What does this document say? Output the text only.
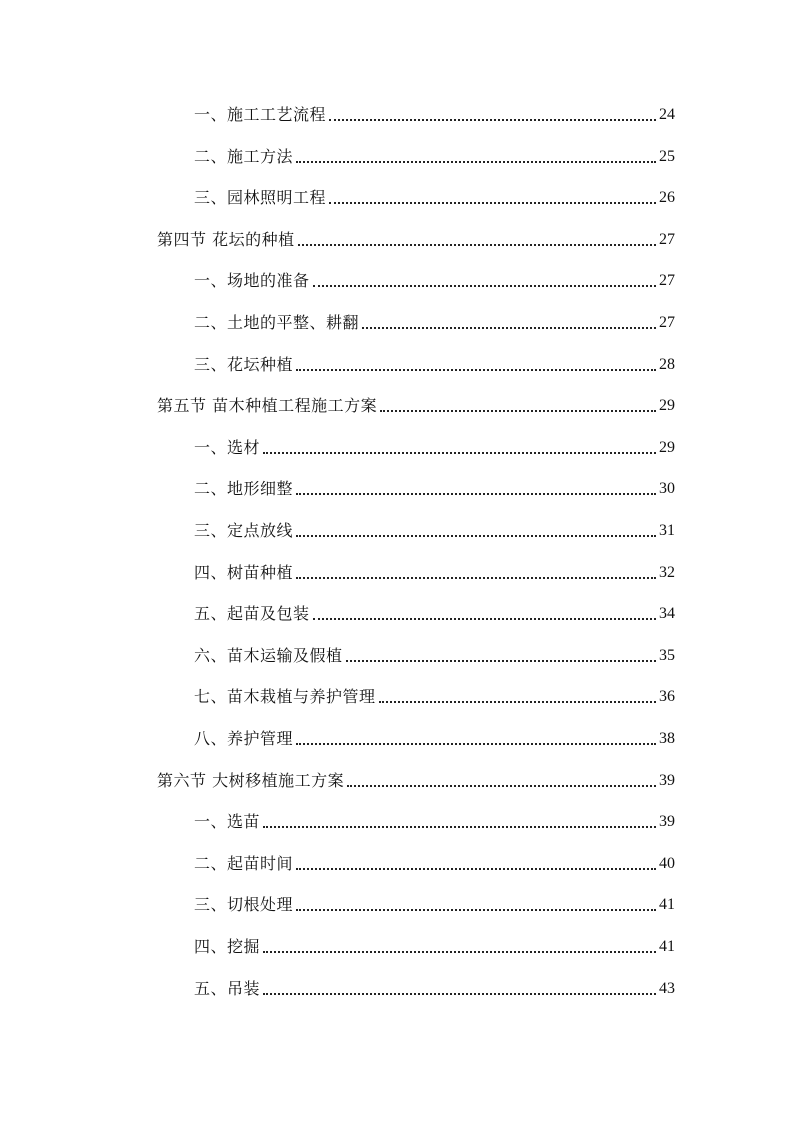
一、施工工艺流程	24
二、施工方法	25
三、园林照明工程	26
第四节 花坛的种植	27
一、场地的准备	27
二、土地的平整、耕翻	27
三、花坛种植	28
第五节 苗木种植工程施工方案	29
一、选材	29
二、地形细整	30
三、定点放线	31
四、树苗种植	32
五、起苗及包装	34
六、苗木运输及假植	35
七、苗木栽植与养护管理	36
八、养护管理	38
第六节 大树移植施工方案	39
一、选苗	39
二、起苗时间	40
三、切根处理	41
四、挖掘	41
五、吊装	43
